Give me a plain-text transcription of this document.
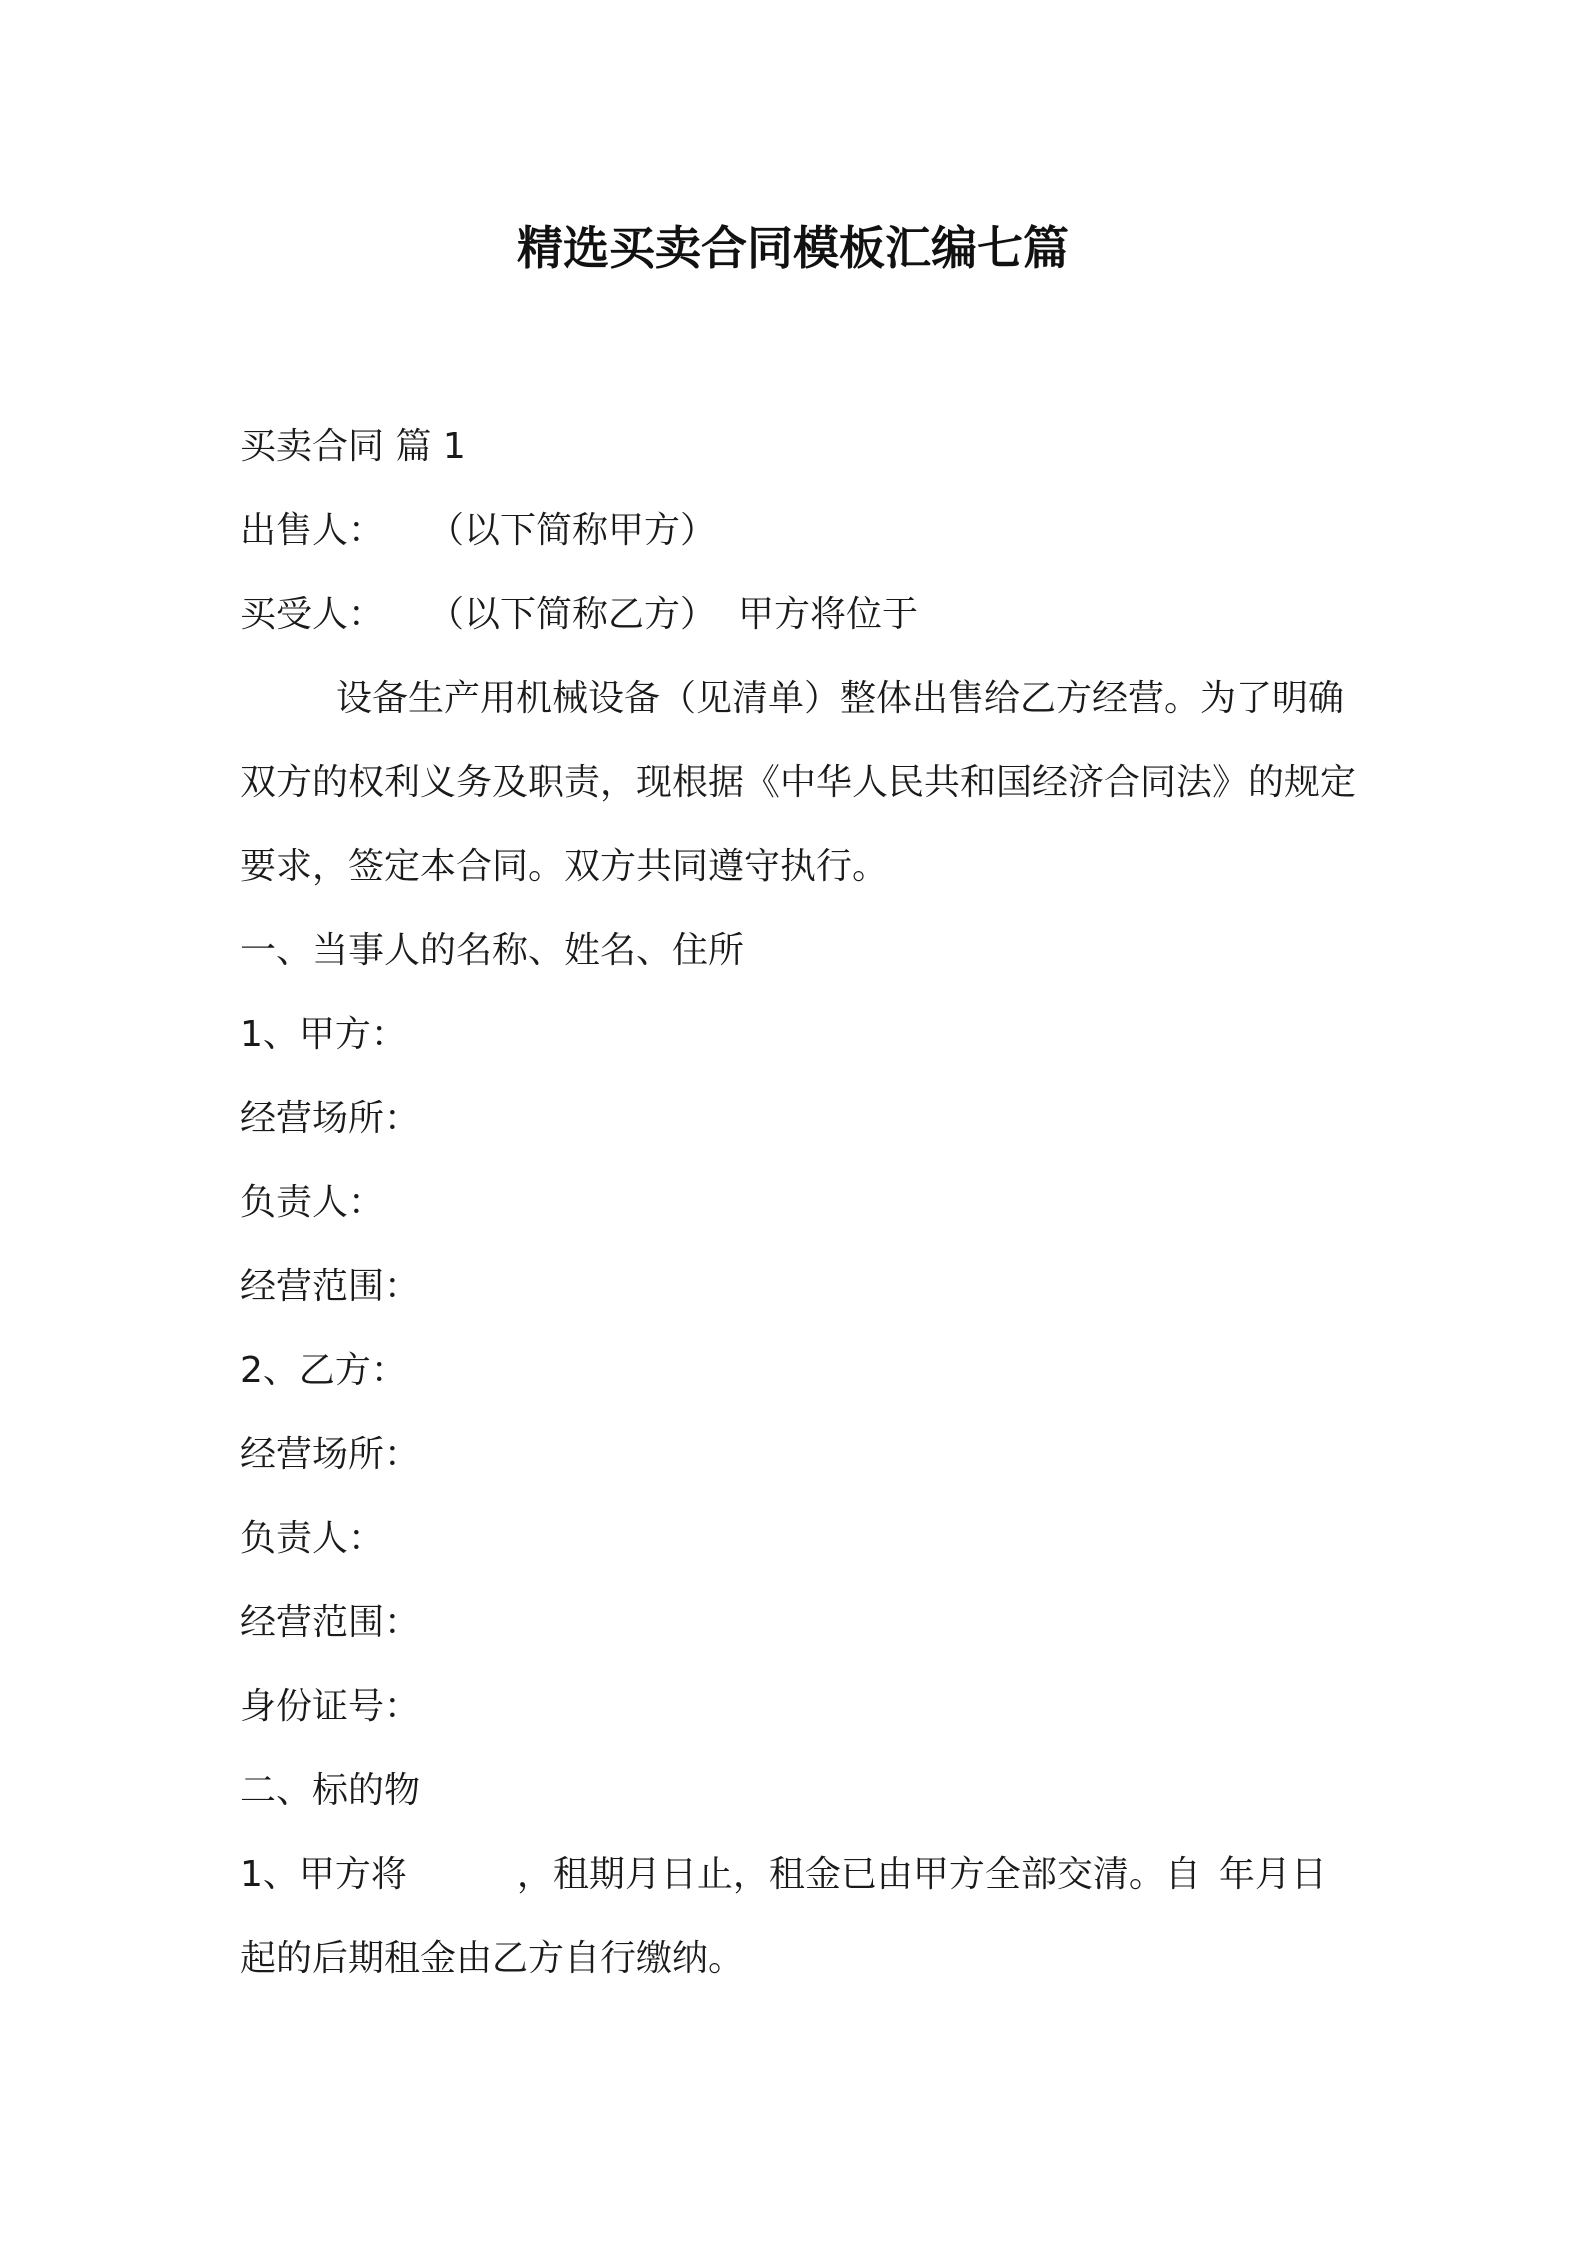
精选买卖合同模板汇编七篇
买卖合同 篇 1
出售人： （以下简称甲方）
买受人： （以下简称乙方） 甲方将位于
设备生产用机械设备（见清单）整体出售给乙方经营。为了明确双方的权利义务及职责，现根据《中华人民共和国经济合同法》的规定要求，签定本合同。双方共同遵守执行。
一、当事人的名称、姓名、住所
1、甲方：
经营场所：
负责人：
经营范围：
2、乙方：
经营场所：
负责人：
经营范围：
身份证号：
二、标的物
1、甲方将	，租期月日止，租金已由甲方全部交清。自 年月日起的后期租金由乙方自行缴纳。
